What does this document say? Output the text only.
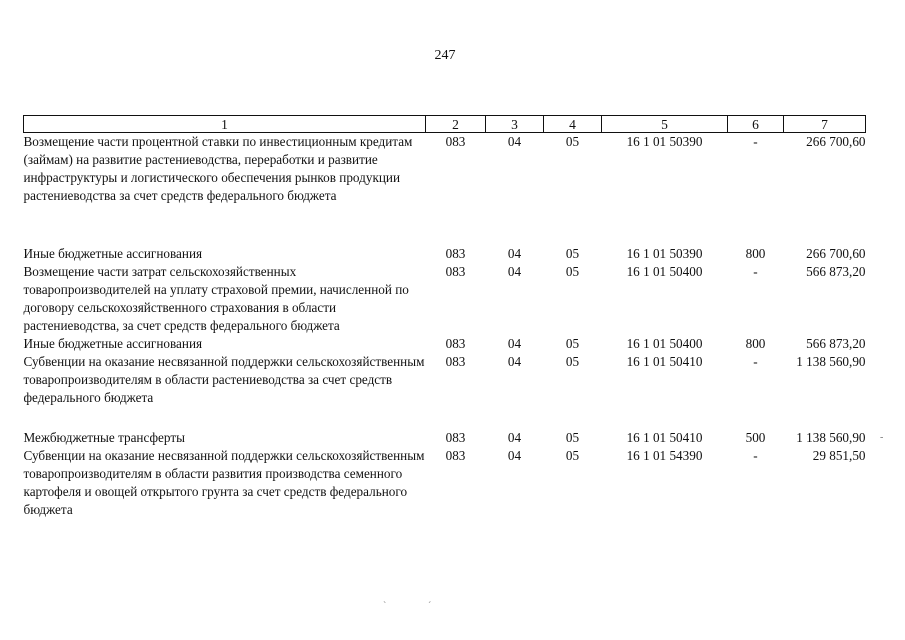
247
1	2	3	4	5	6	7
Возмещение части процентной ставки по инвестиционным кредитам (займам) на развитие растениеводства, переработки и развитие инфраструктуры и логистического обеспечения рынков продукции растениеводства за счет средств федерального бюджета	083	04	05	16 1 01 50390	-	266 700,60
Иные бюджетные ассигнования	083	04	05	16 1 01 50390	800	266 700,60
Возмещение части затрат сельскохозяйственных товаропроизводителей на уплату страховой премии, начисленной по договору сельскохозяйственного страхования в области растениеводства, за счет средств федерального бюджета	083	04	05	16 1 01 50400	-	566 873,20
Иные бюджетные ассигнования	083	04	05	16 1 01 50400	800	566 873,20
Субвенции на оказание несвязанной поддержки сельскохозяйственным товаропроизводителям в области растениеводства за счет средств федерального бюджета	083	04	05	16 1 01 50410	-	1 138 560,90
Межбюджетные трансферты	083	04	05	16 1 01 50410	500	1 138 560,90
Субвенции на оказание несвязанной поддержки сельскохозяйственным товаропроизводителям в области развития производства семенного картофеля и овощей открытого грунта за счет средств федерального бюджета	083	04	05	16 1 01 54390	-	29 851,50
ˋ	ˊ
-
